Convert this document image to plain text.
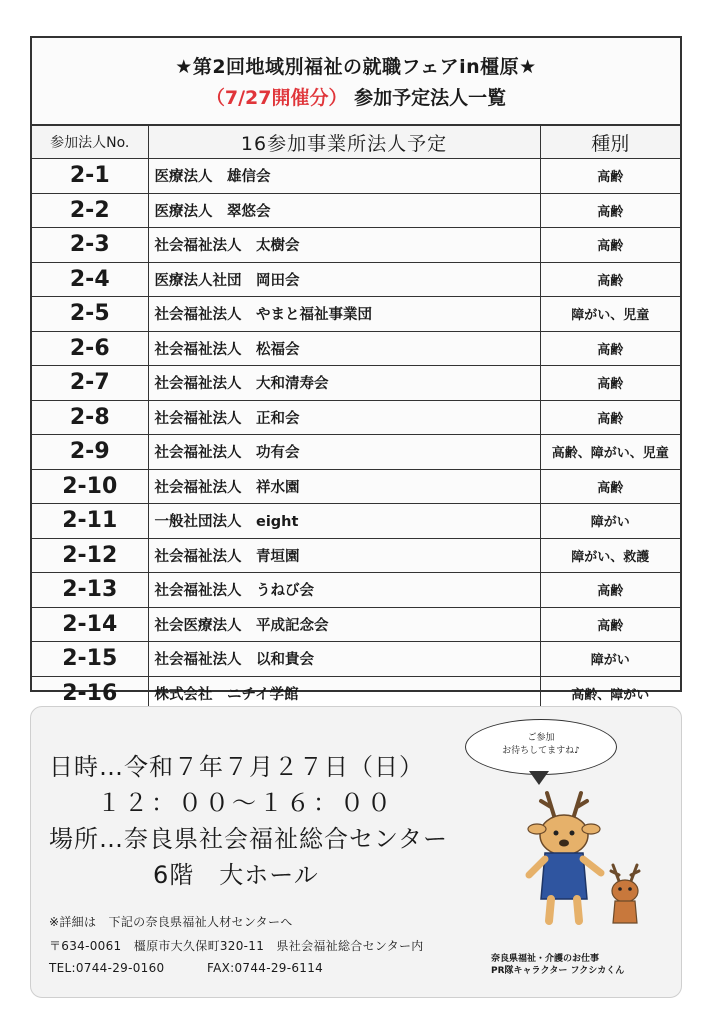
★第2回地域別福祉の就職フェアin橿原★
（7/27開催分） 参加予定法人一覧
参加法人No.	16参加事業所法人予定	種別
2-1	医療法人　雄信会	高齢
2-2	医療法人　翠悠会	高齢
2-3	社会福祉法人　太樹会	高齢
2-4	医療法人社団　岡田会	高齢
2-5	社会福祉法人　やまと福祉事業団	障がい、児童
2-6	社会福祉法人　松福会	高齢
2-7	社会福祉法人　大和清寿会	高齢
2-8	社会福祉法人　正和会	高齢
2-9	社会福祉法人　功有会	高齢、障がい、児童
2-10	社会福祉法人　祥水園	高齢
2-11	一般社団法人　eight	障がい
2-12	社会福祉法人　青垣園	障がい、救護
2-13	社会福祉法人　うねび会	高齢
2-14	社会医療法人　平成記念会	高齢
2-15	社会福祉法人　以和貴会	障がい
2-16	株式会社　ニチイ学館	高齢、障がい
日時…令和７年７月２７日（日）
１２：００～１６：００
場所…奈良県社会福祉総合センター
6階　大ホール
※詳細は　下記の奈良県福祉人材センターへ
〒634-0061　橿原市大久保町320-11　県社会福祉総合センター内
TEL:0744-29-0160	FAX:0744-29-6114
ご参加
お待ちしてますね♪
奈良県福祉・介護のお仕事
PR隊キャラクター フクシカくん
